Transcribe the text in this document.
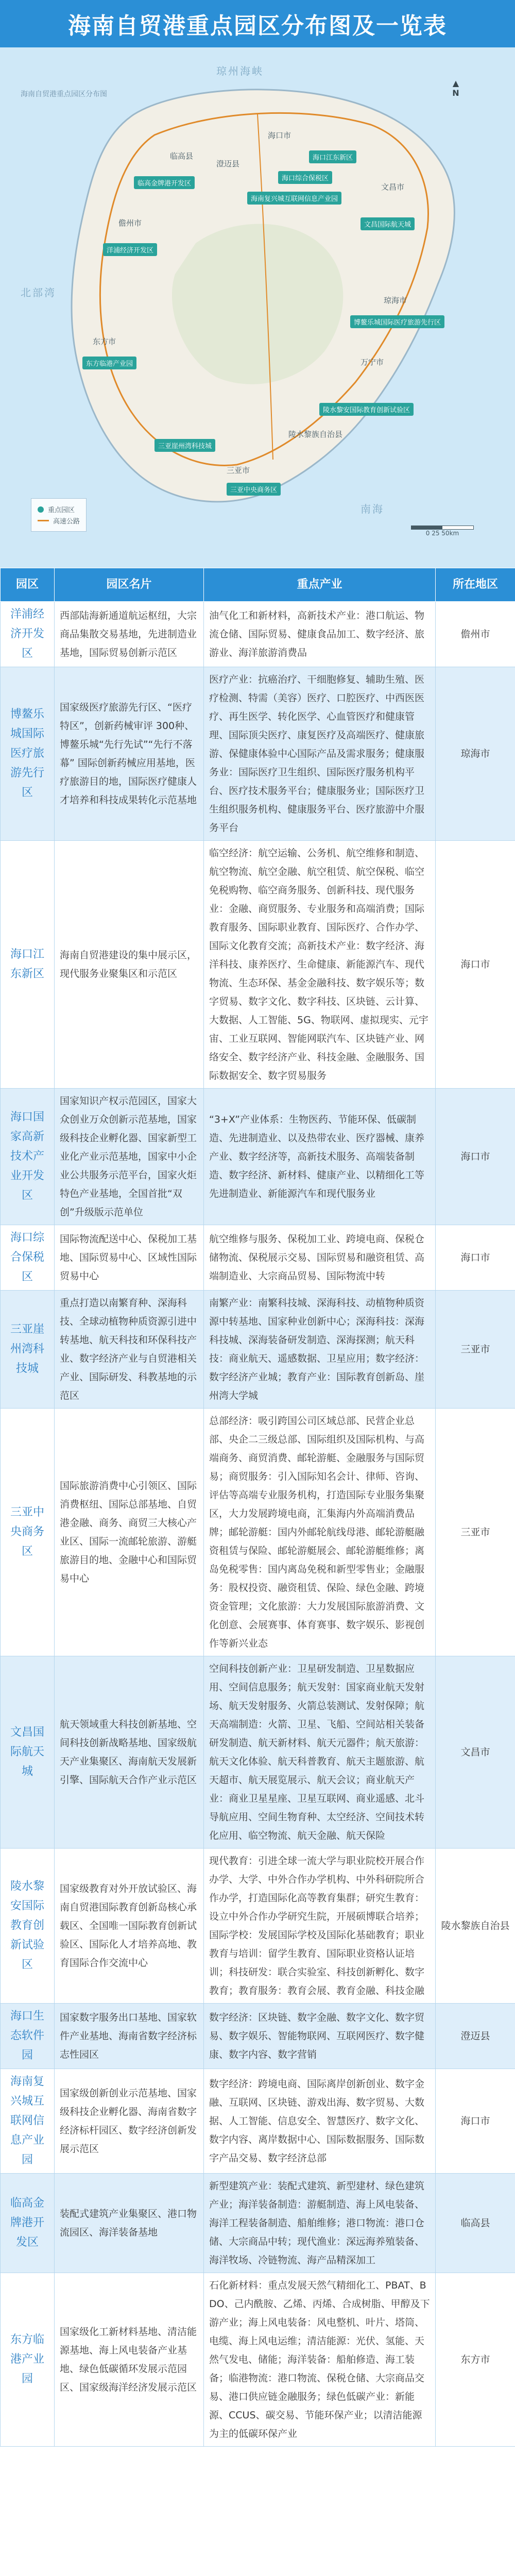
海南自贸港重点园区分布图及一览表
海南自贸港重点园区分布图
▲
N
琼州海峡
北部湾
南海
海口市
文昌市
儋州市
琼海市
万宁市
陵水黎族自治县
三亚市
东方市
临高县
澄迈县
海口江东新区
海口综合保税区
海南复兴城互联网信息产业园
洋浦经济开发区
文昌国际航天城
博鳌乐城国际医疗旅游先行区
三亚崖州湾科技城
三亚中央商务区
陵水黎安国际教育创新试验区
东方临港产业园
临高金牌港开发区
重点园区
高速公路
0 25 50km
园区	园区名片	重点产业	所在地区
洋浦经济开发区	西部陆海新通道航运枢纽，大宗商品集散交易基地，先进制造业基地，国际贸易创新示范区	油气化工和新材料，高新技术产业：港口航运、物流仓储、国际贸易、健康食品加工、数字经济、旅游业、海洋旅游消费品	儋州市
博鳌乐城国际医疗旅游先行区	国家级医疗旅游先行区、“医疗特区”，创新药械审评 300种、博鳌乐城“先行先试”“先行不落幕” 国际创新药械应用基地，医疗旅游目的地，国际医疗健康人才培养和科技成果转化示范基地	医疗产业：抗癌治疗、干细胞修复、辅助生殖、医疗检测、特需（美容）医疗、口腔医疗、中西医医疗、再生医学、转化医学、心血管医疗和健康管理、国际顶尖医疗、康复医疗及高端医疗、健康旅游、保健康体验中心国际产品及需求服务；健康服务业：国际医疗卫生组织、国际医疗服务机构平台、医疗技术服务平台；健康服务业；国际医疗卫生组织服务机构、健康服务平台、医疗旅游中介服务平台	琼海市
海口江东新区	海南自贸港建设的集中展示区，现代服务业聚集区和示范区	临空经济：航空运输、公务机、航空维修和制造、航空物流、航空金融、航空租赁、航空保税、临空免税购物、临空商务服务、创新科技、现代服务业：金融、商贸服务、专业服务和高端消费；国际教育服务、国际职业教育、国际医疗、合作办学、国际文化教育交流；高新技术产业：数字经济、海洋科技、康养医疗、生命健康、新能源汽车、现代物流、生态环保、基金金融科技、数字娱乐等；数字贸易、数字文化、数字科技、区块链、云计算、大数据、人工智能、5G、物联网、虚拟现实、元宇宙、工业互联网、智能网联汽车、区块链产业、网络安全、数字经济产业、科技金融、金融服务、国际数据安全、数字贸易服务	海口市
海口国家高新技术产业开发区	国家知识产权示范园区，国家大众创业万众创新示范基地，国家级科技企业孵化器、国家新型工业化产业示范基地，国家中小企业公共服务示范平台，国家火炬特色产业基地，全国首批“双创”升级版示范单位	“3+X”产业体系：生物医药、节能环保、低碳制造、先进制造业、以及热带农业、医疗器械、康养产业、数字经济等，高新技术服务、高端装备制造、数字经济、新材料、健康产业、以精细化工等先进制造业、新能源汽车和现代服务业	海口市
海口综合保税区	国际物流配送中心、保税加工基地、国际贸易中心、区域性国际贸易中心	航空维修与服务、保税加工业、跨境电商、保税仓储物流、保税展示交易、国际贸易和融资租赁、高端制造业、大宗商品贸易、国际物流中转	海口市
三亚崖州湾科技城	重点打造以南繁育种、深海科技、全球动植物种质资源引进中转基地、航天科技和环保科技产业、数字经济产业与自贸港相关产业、国际研发、科教基地的示范区	南繁产业：南繁科技城、深海科技、动植物种质资源中转基地、国家种业创新中心；深海科技：深海科技城、深海装备研发制造、深海探测；航天科技：商业航天、遥感数据、卫星应用；数字经济：数字经济产业城；教育产业：国际教育创新岛、崖州湾大学城	三亚市
三亚中央商务区	国际旅游消费中心引领区、国际消费枢纽、国际总部基地、自贸港金融、商务、商贸三大核心产业区、国际一流邮轮旅游、游艇旅游目的地、金融中心和国际贸易中心	总部经济：吸引跨国公司区域总部、民营企业总部、央企二三级总部、国际组织及国际机构、与高端商务、商贸消费、邮轮游艇、金融服务与国际贸易；商贸服务：引入国际知名会计、律师、咨询、评估等高端专业服务机构，打造国际专业服务集聚区，大力发展跨境电商，汇集海内外高端消费品牌；邮轮游艇：国内外邮轮航线母港、邮轮游艇融资租赁与保险、邮轮游艇展会、邮轮游艇维修；离岛免税零售：国内离岛免税和新型零售业；金融服务：股权投资、融资租赁、保险、绿色金融、跨境资金管理；文化旅游：大力发展国际旅游消费、文化创意、会展赛事、体育赛事、数字娱乐、影视创作等新兴业态	三亚市
文昌国际航天城	航天领域重大科技创新基地、空间科技创新战略基地、国家级航天产业集聚区、海南航天发展新引擎、国际航天合作产业示范区	空间科技创新产业：卫星研发制造、卫星数据应用、空间信息服务；航天发射：国家商业航天发射场、航天发射服务、火箭总装测试、发射保障；航天高端制造：火箭、卫星、飞船、空间站相关装备研发制造、航天新材料、航天元器件；航天旅游：航天文化体验、航天科普教育、航天主题旅游、航天超市、航天展览展示、航天会议；商业航天产业：商业卫星星座、卫星互联网、商业遥感、北斗导航应用、空间生物育种、太空经济、空间技术转化应用、临空物流、航天金融、航天保险	文昌市
陵水黎安国际教育创新试验区	国家级教育对外开放试验区、海南自贸港国际教育创新岛核心承载区、全国唯一国际教育创新试验区、国际化人才培养高地、教育国际合作交流中心	现代教育：引进全球一流大学与职业院校开展合作办学、大学、中外合作办学机构、中外科研院所合作办学，打造国际化高等教育集群；研究生教育：设立中外合作办学研究生院，开展硕博联合培养；国际学校：发展国际学校及国际化基础教育；职业教育与培训：留学生教育、国际职业资格认证培训；科技研发：联合实验室、科技创新孵化、数字教育；教育服务：教育会展、教育金融、科技金融	陵水黎族自治县
海口生态软件园	国家数字服务出口基地、国家软件产业基地、海南省数字经济标志性园区	数字经济：区块链、数字金融、数字文化、数字贸易、数字娱乐、智能物联网、互联网医疗、数字健康、数字内容、数字营销	澄迈县
海南复兴城互联网信息产业园	国家级创新创业示范基地、国家级科技企业孵化器、海南省数字经济标杆园区、数字经济创新发展示范区	数字经济：跨境电商、国际离岸创新创业、数字金融、互联网、区块链、游戏出海、数字贸易、大数据、人工智能、信息安全、智慧医疗、数字文化、数字内容、离岸数据中心、国际数据服务、国际数字产品交易、数字经济总部	海口市
临高金牌港开发区	装配式建筑产业集聚区、港口物流园区、海洋装备基地	新型建筑产业：装配式建筑、新型建材、绿色建筑产业；海洋装备制造：游艇制造、海上风电装备、海洋工程装备制造、船舶维修；港口物流：港口仓储、大宗商品中转；现代渔业：深远海养殖装备、海洋牧场、冷链物流、海产品精深加工	临高县
东方临港产业园	国家级化工新材料基地、清洁能源基地、海上风电装备产业基地、绿色低碳循环发展示范园区、国家级海洋经济发展示范区	石化新材料：重点发展天然气精细化工、PBAT、BDO、己内酰胺、乙烯、丙烯、合成树脂、甲醇及下游产业；海上风电装备：风电整机、叶片、塔筒、电缆、海上风电运维；清洁能源：光伏、氢能、天然气发电、储能；海洋装备：船舶修造、海工装备；临港物流：港口物流、保税仓储、大宗商品交易、港口供应链金融服务；绿色低碳产业：新能源、CCUS、碳交易、节能环保产业；以清洁能源为主的低碳环保产业	东方市
